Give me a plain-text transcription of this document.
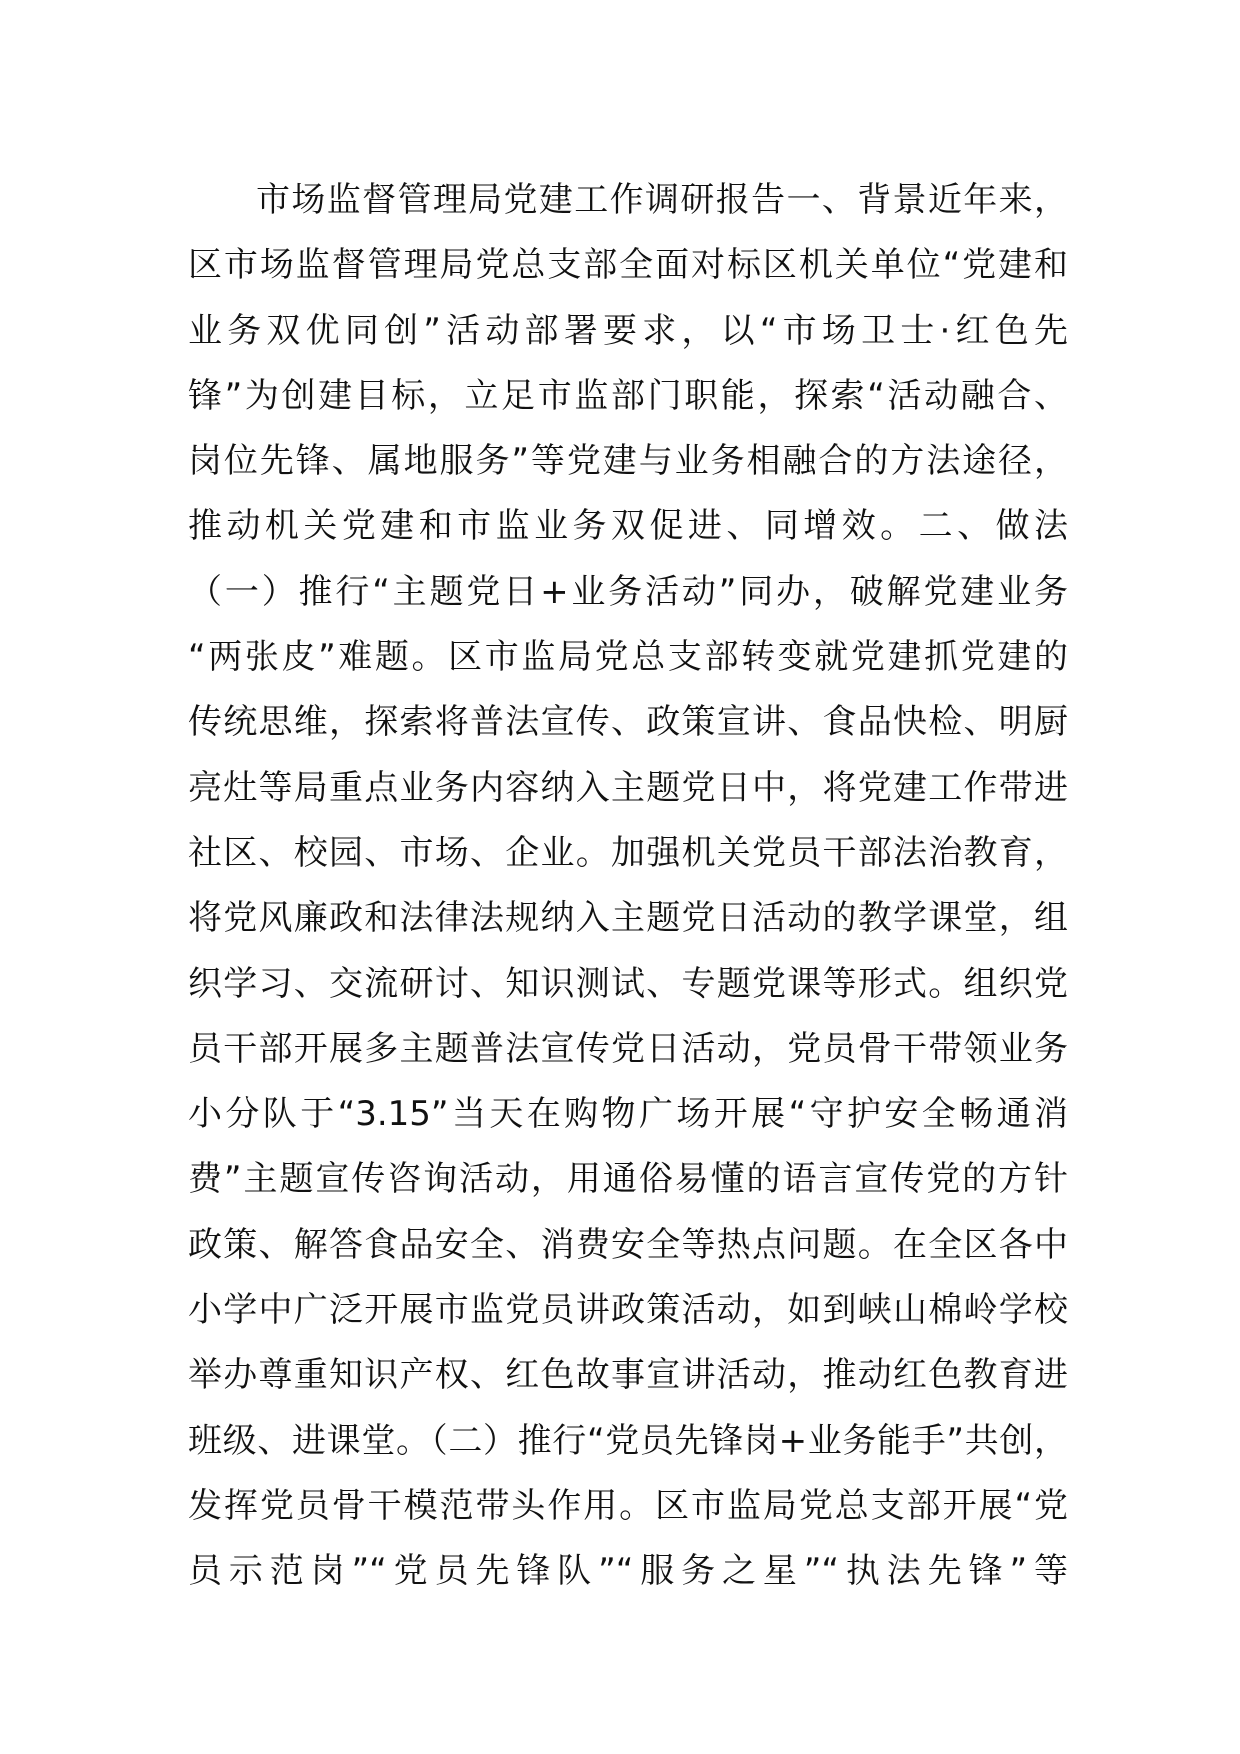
市场监督管理局党建工作调研报告一、背景近年来，
区市场监督管理局党总支部全面对标区机关单位“党建和
业务双优同创”活动部署要求，以“市场卫士·红色先
锋”为创建目标，立足市监部门职能，探索“活动融合、
岗位先锋、属地服务”等党建与业务相融合的方法途径，
推动机关党建和市监业务双促进、同增效。二、做法
（一）推行“主题党日+业务活动”同办，破解党建业务
“两张皮”难题。区市监局党总支部转变就党建抓党建的
传统思维，探索将普法宣传、政策宣讲、食品快检、明厨
亮灶等局重点业务内容纳入主题党日中，将党建工作带进
社区、校园、市场、企业。加强机关党员干部法治教育，
将党风廉政和法律法规纳入主题党日活动的教学课堂，组
织学习、交流研讨、知识测试、专题党课等形式。组织党
员干部开展多主题普法宣传党日活动，党员骨干带领业务
小分队于“3.15”当天在购物广场开展“守护安全畅通消
费”主题宣传咨询活动，用通俗易懂的语言宣传党的方针
政策、解答食品安全、消费安全等热点问题。在全区各中
小学中广泛开展市监党员讲政策活动，如到峡山棉岭学校
举办尊重知识产权、红色故事宣讲活动，推动红色教育进
班级、进课堂。（二）推行“党员先锋岗+业务能手”共创，
发挥党员骨干模范带头作用。区市监局党总支部开展“党
员示范岗”“党员先锋队”“服务之星”“执法先锋”等
